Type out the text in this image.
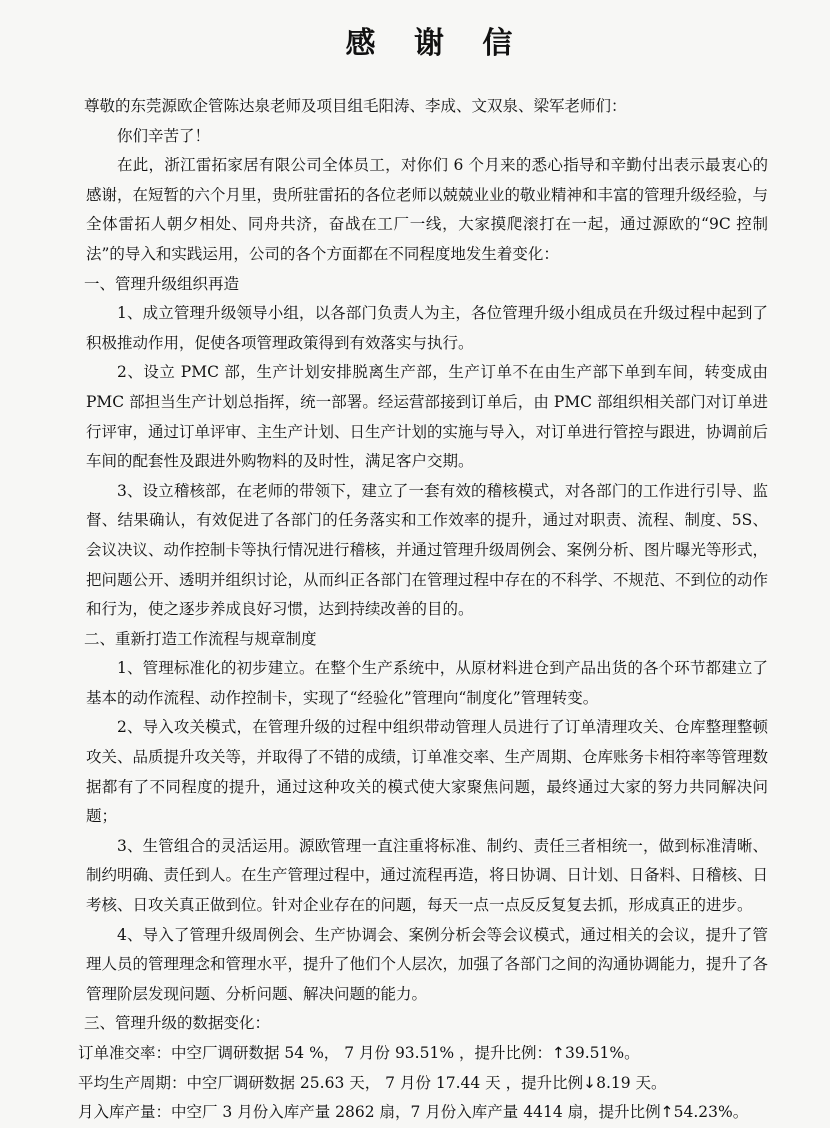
感 谢 信

尊敬的东莞源欧企管陈达泉老师及项目组毛阳涛、李成、文双泉、梁军老师们：

你们辛苦了！

在此，浙江雷拓家居有限公司全体员工，对你们 6 个月来的悉心指导和辛勤付出表示最衷心的感谢，在短暂的六个月里，贵所驻雷拓的各位老师以兢兢业业的敬业精神和丰富的管理升级经验，与全体雷拓人朝夕相处、同舟共济，奋战在工厂一线，大家摸爬滚打在一起，通过源欧的“9C 控制法”的导入和实践运用，公司的各个方面都在不同程度地发生着变化：

一、管理升级组织再造

1、成立管理升级领导小组，以各部门负责人为主，各位管理升级小组成员在升级过程中起到了积极推动作用，促使各项管理政策得到有效落实与执行。

2、设立 PMC 部，生产计划安排脱离生产部，生产订单不在由生产部下单到车间，转变成由 PMC 部担当生产计划总指挥，统一部署。经运营部接到订单后，由 PMC 部组织相关部门对订单进行评审，通过订单评审、主生产计划、日生产计划的实施与导入，对订单进行管控与跟进，协调前后车间的配套性及跟进外购物料的及时性，满足客户交期。

3、设立稽核部，在老师的带领下，建立了一套有效的稽核模式，对各部门的工作进行引导、监督、结果确认，有效促进了各部门的任务落实和工作效率的提升，通过对职责、流程、制度、5S、会议决议、动作控制卡等执行情况进行稽核，并通过管理升级周例会、案例分析、图片曝光等形式，把问题公开、透明并组织讨论，从而纠正各部门在管理过程中存在的不科学、不规范、不到位的动作和行为，使之逐步养成良好习惯，达到持续改善的目的。

二、重新打造工作流程与规章制度

1、管理标准化的初步建立。在整个生产系统中，从原材料进仓到产品出货的各个环节都建立了基本的动作流程、动作控制卡，实现了“经验化”管理向“制度化”管理转变。

2、导入攻关模式，在管理升级的过程中组织带动管理人员进行了订单清理攻关、仓库整理整顿攻关、品质提升攻关等，并取得了不错的成绩，订单准交率、生产周期、仓库账务卡相符率等管理数据都有了不同程度的提升，通过这种攻关的模式使大家聚焦问题，最终通过大家的努力共同解决问题；

3、生管组合的灵活运用。源欧管理一直注重将标准、制约、责任三者相统一，做到标准清晰、制约明确、责任到人。在生产管理过程中，通过流程再造，将日协调、日计划、日备料、日稽核、日考核、日攻关真正做到位。针对企业存在的问题，每天一点一点反反复复去抓，形成真正的进步。

4、导入了管理升级周例会、生产协调会、案例分析会等会议模式，通过相关的会议，提升了管理人员的管理理念和管理水平，提升了他们个人层次，加强了各部门之间的沟通协调能力，提升了各管理阶层发现问题、分析问题、解决问题的能力。

三、管理升级的数据变化：

订单准交率：中空厂调研数据 54 %， 7 月份 93.51% ，提升比例：↑39.51%。

平均生产周期：中空厂调研数据 25.63 天， 7 月份 17.44 天 ，提升比例↓8.19 天。

月入库产量：中空厂 3 月份入库产量 2862 扇，7 月份入库产量 4414 扇，提升比例↑54.23%。
